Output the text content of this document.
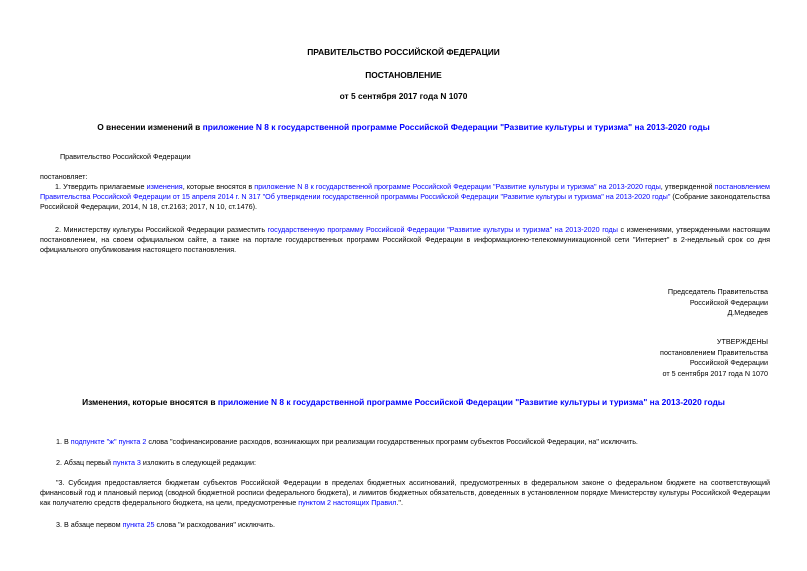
ПРАВИТЕЛЬСТВО РОССИЙСКОЙ ФЕДЕРАЦИИ
ПОСТАНОВЛЕНИЕ
от 5 сентября 2017 года N 1070
О внесении изменений в приложение N 8 к государственной программе Российской Федерации "Развитие культуры и туризма" на 2013-2020 годы
Правительство Российской Федерации
постановляет:
1. Утвердить прилагаемые изменения, которые вносятся в приложение N 8 к государственной программе Российской Федерации "Развитие культуры и туризма" на 2013-2020 годы, утвержденной постановлением Правительства Российской Федерации от 15 апреля 2014 г. N 317 "Об утверждении государственной программы Российской Федерации "Развитие культуры и туризма" на 2013-2020 годы" (Собрание законодательства Российской Федерации, 2014, N 18, ст.2163; 2017, N 10, ст.1476).
2. Министерству культуры Российской Федерации разместить государственную программу Российской Федерации "Развитие культуры и туризма" на 2013-2020 годы с изменениями, утвержденными настоящим постановлением, на своем официальном сайте, а также на портале государственных программ Российской Федерации в информационно-телекоммуникационной сети "Интернет" в 2-недельный срок со дня официального опубликования настоящего постановления.
Председатель Правительства
Российской Федерации
Д.Медведев
УТВЕРЖДЕНЫ
постановлением Правительства
Российской Федерации
от 5 сентября 2017 года N 1070
Изменения, которые вносятся в приложение N 8 к государственной программе Российской Федерации "Развитие культуры и туризма" на 2013-2020 годы
1. В подпункте "ж" пункта 2 слова "софинансирование расходов, возникающих при реализации государственных программ субъектов Российской Федерации, на" исключить.
2. Абзац первый пункта 3 изложить в следующей редакции:
"3. Субсидия предоставляется бюджетам субъектов Российской Федерации в пределах бюджетных ассигнований, предусмотренных в федеральном законе о федеральном бюджете на соответствующий финансовый год и плановый период (сводной бюджетной росписи федерального бюджета), и лимитов бюджетных обязательств, доведенных в установленном порядке Министерству культуры Российской Федерации как получателю средств федерального бюджета, на цели, предусмотренные пунктом 2 настоящих Правил.".
3. В абзаце первом пункта 25 слова "и расходования" исключить.
